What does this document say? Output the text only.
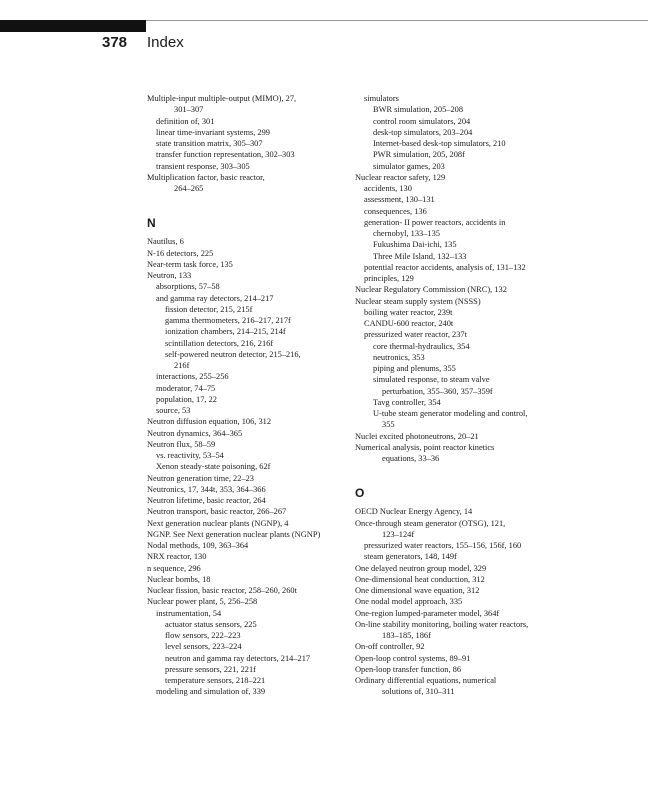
378 Index
Multiple-input multiple-output (MIMO), 27,
301–307
definition of, 301
linear time-invariant systems, 299
state transition matrix, 305–307
transfer function representation, 302–303
transient response, 303–305
Multiplication factor, basic reactor,
264–265
N
Nautilus, 6
N-16 detectors, 225
Near-term task force, 135
Neutron, 133
absorptions, 57–58
and gamma ray detectors, 214–217
fission detector, 215, 215f
gamma thermometers, 216–217, 217f
ionization chambers, 214–215, 214f
scintillation detectors, 216, 216f
self-powered neutron detector, 215–216,
216f
interactions, 255–256
moderator, 74–75
population, 17, 22
source, 53
Neutron diffusion equation, 106, 312
Neutron dynamics, 364–365
Neutron flux, 58–59
vs. reactivity, 53–54
Xenon steady-state poisoning, 62f
Neutron generation time, 22–23
Neutronics, 17, 344t, 353, 364–366
Neutron lifetime, basic reactor, 264
Neutron transport, basic reactor, 266–267
Next generation nuclear plants (NGNP), 4
NGNP. See Next generation nuclear plants (NGNP)
Nodal methods, 109, 363–364
NRX reactor, 130
n sequence, 296
Nuclear bombs, 18
Nuclear fission, basic reactor, 258–260, 260t
Nuclear power plant, 5, 256–258
instrumentation, 54
actuator status sensors, 225
flow sensors, 222–223
level sensors, 223–224
neutron and gamma ray detectors, 214–217
pressure sensors, 221, 221f
temperature sensors, 218–221
modeling and simulation of, 339
simulators
BWR simulation, 205–208
control room simulators, 204
desk-top simulators, 203–204
Internet-based desk-top simulators, 210
PWR simulation, 205, 208f
simulator games, 203
Nuclear reactor safety, 129
accidents, 130
assessment, 130–131
consequences, 136
generation- II power reactors, accidents in
chernobyl, 133–135
Fukushima Dai-ichi, 135
Three Mile Island, 132–133
potential reactor accidents, analysis of, 131–132
principles, 129
Nuclear Regulatory Commission (NRC), 132
Nuclear steam supply system (NSSS)
boiling water reactor, 239t
CANDU-600 reactor, 240t
pressurized water reactor, 237t
core thermal-hydraulics, 354
neutronics, 353
piping and plenums, 355
simulated response, to steam valve
perturbation, 355–360, 357–359f
Tavg controller, 354
U-tube steam generator modeling and control,
355
Nuclei excited photoneutrons, 20–21
Numerical analysis, point reactor kinetics
equations, 33–36
O
OECD Nuclear Energy Agency, 14
Once-through steam generator (OTSG), 121,
123–124f
pressurized water reactors, 155–156, 156f, 160
steam generators, 148, 149f
One delayed neutron group model, 329
One-dimensional heat conduction, 312
One dimensional wave equation, 312
One nodal model approach, 335
One-region lumped-parameter model, 364f
On-line stability monitoring, boiling water reactors,
183–185, 186f
On-off controller, 92
Open-loop control systems, 89–91
Open-loop transfer function, 86
Ordinary differential equations, numerical
solutions of, 310–311
